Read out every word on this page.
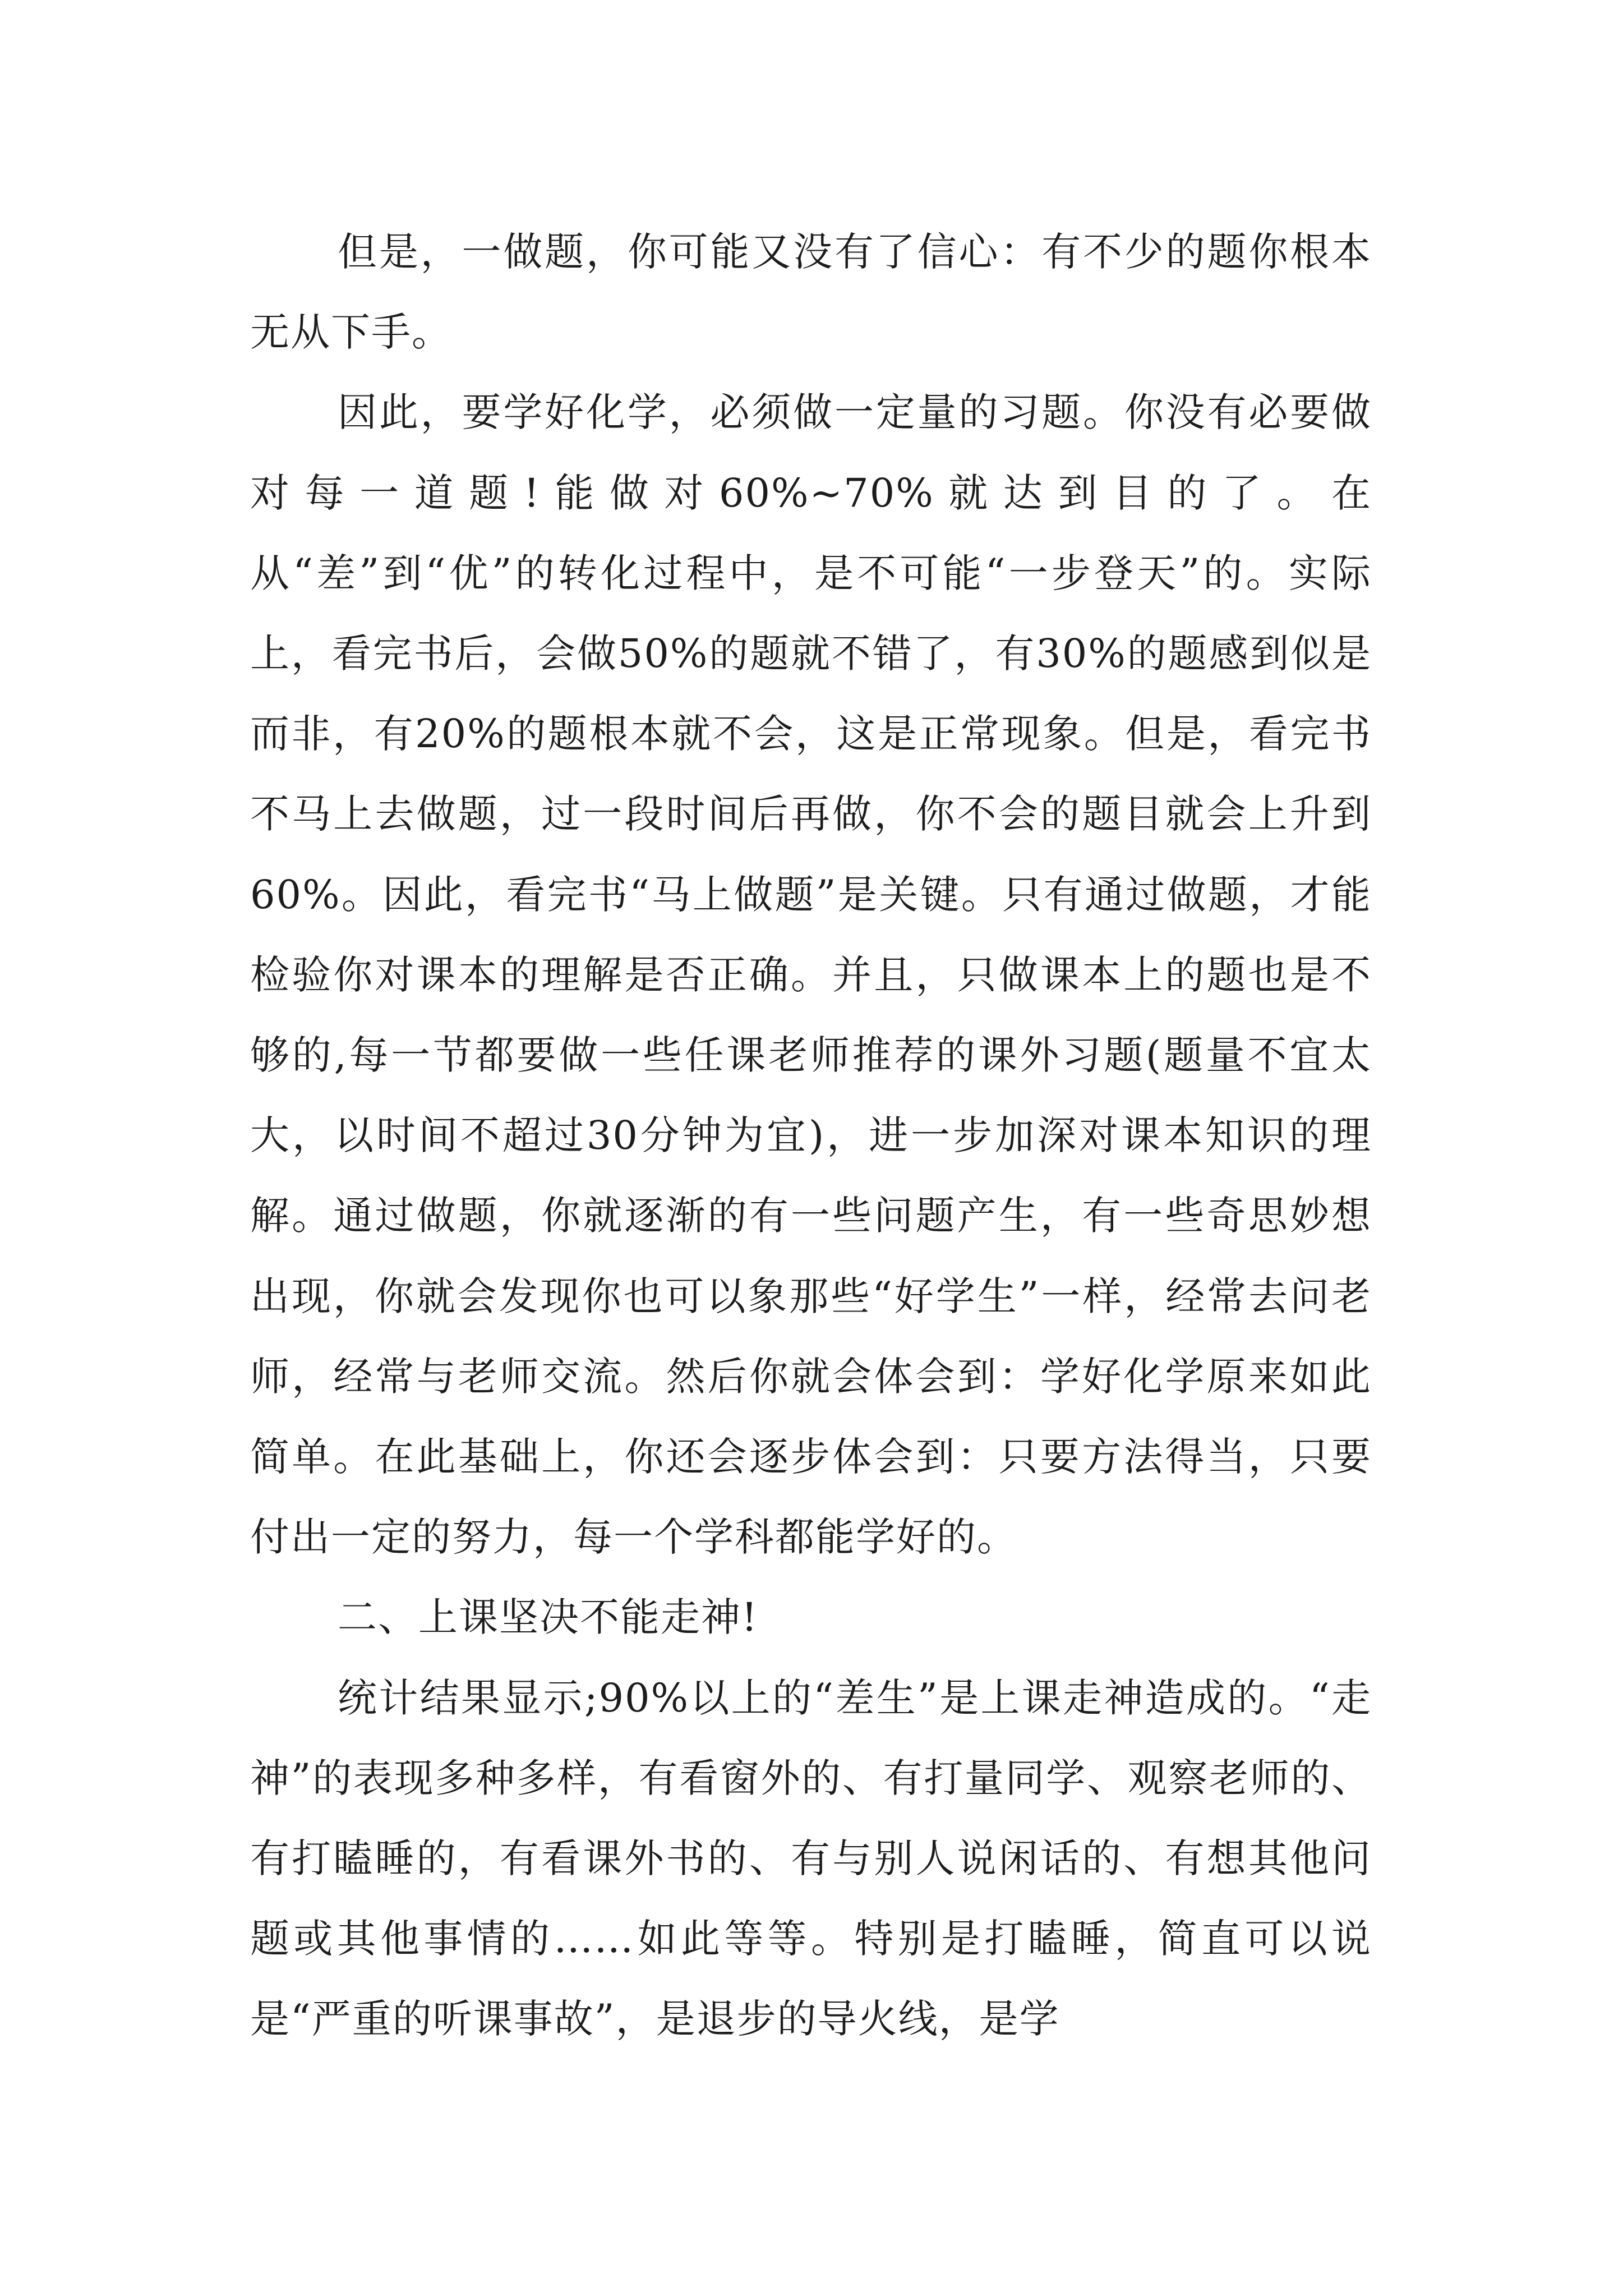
但是，一做题，你可能又没有了信心：有不少的题你根本无从下手。

因此，要学好化学，必须做一定量的习题。你没有必要做对每一道题!能做对60%~70%就达到目的了。在从“差”到“优”的转化过程中，是不可能“一步登天”的。实际上，看完书后，会做50%的题就不错了，有30%的题感到似是而非，有20%的题根本就不会，这是正常现象。但是，看完书不马上去做题，过一段时间后再做，你不会的题目就会上升到60%。因此，看完书“马上做题”是关键。只有通过做题，才能检验你对课本的理解是否正确。并且，只做课本上的题也是不够的,每一节都要做一些任课老师推荐的课外习题(题量不宜太大，以时间不超过30分钟为宜)，进一步加深对课本知识的理解。通过做题，你就逐渐的有一些问题产生，有一些奇思妙想出现，你就会发现你也可以象那些“好学生”一样，经常去问老师，经常与老师交流。然后你就会体会到：学好化学原来如此简单。在此基础上，你还会逐步体会到：只要方法得当，只要付出一定的努力，每一个学科都能学好的。

二、上课坚决不能走神!

统计结果显示;90%以上的“差生”是上课走神造成的。“走神”的表现多种多样，有看窗外的、有打量同学、观察老师的、有打瞌睡的，有看课外书的、有与别人说闲话的、有想其他问题或其他事情的……如此等等。特别是打瞌睡，简直可以说是“严重的听课事故”，是退步的导火线，是学
